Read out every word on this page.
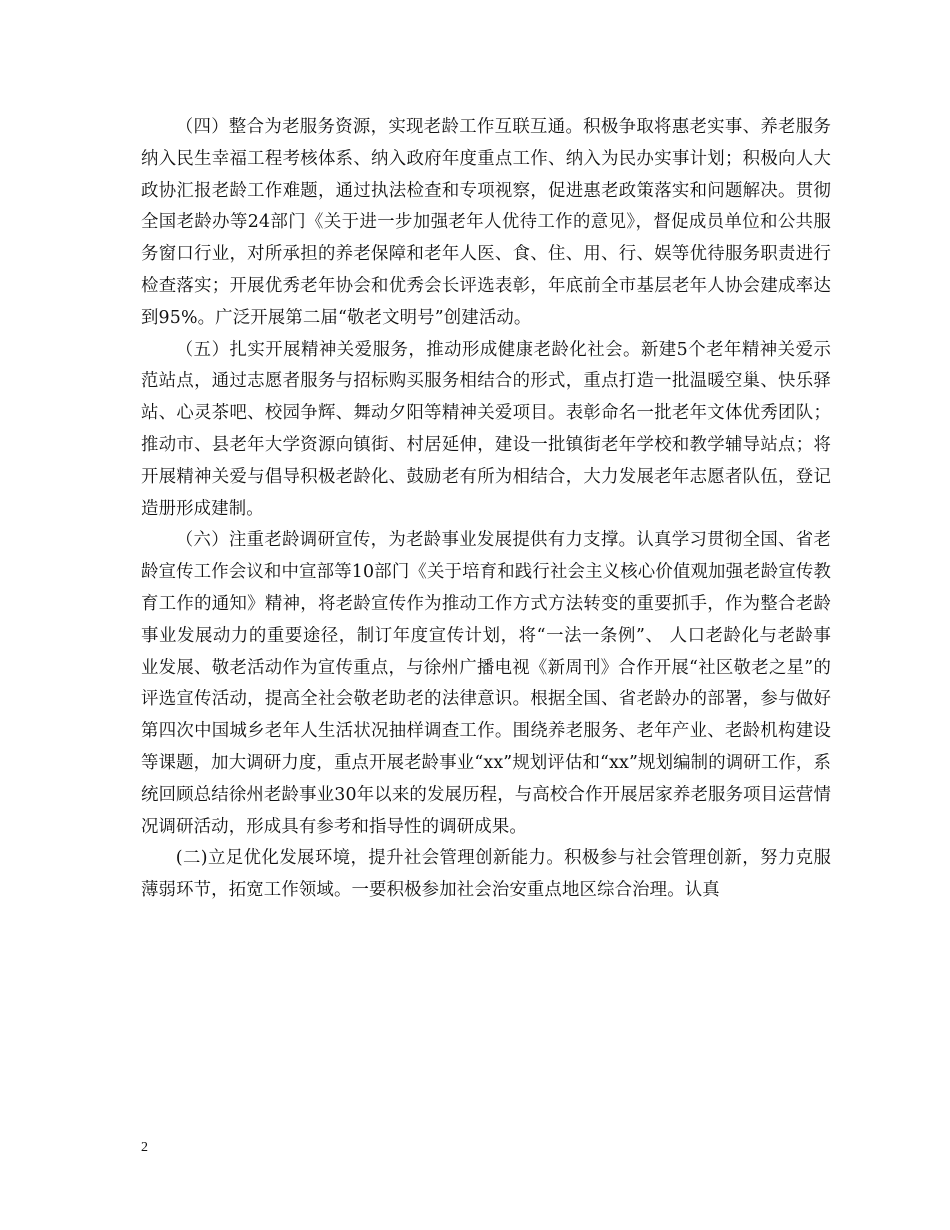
（四）整合为老服务资源，实现老龄工作互联互通。积极争取将惠老实事、养老服务纳入民生幸福工程考核体系、纳入政府年度重点工作、纳入为民办实事计划；积极向人大政协汇报老龄工作难题，通过执法检查和专项视察，促进惠老政策落实和问题解决。贯彻全国老龄办等24部门《关于进一步加强老年人优待工作的意见》，督促成员单位和公共服务窗口行业，对所承担的养老保障和老年人医、食、住、用、行、娱等优待服务职责进行检查落实；开展优秀老年协会和优秀会长评选表彰，年底前全市基层老年人协会建成率达到95%。广泛开展第二届“敬老文明号”创建活动。

（五）扎实开展精神关爱服务，推动形成健康老龄化社会。新建5个老年精神关爱示范站点，通过志愿者服务与招标购买服务相结合的形式，重点打造一批温暖空巢、快乐驿站、心灵茶吧、校园争辉、舞动夕阳等精神关爱项目。表彰命名一批老年文体优秀团队；推动市、县老年大学资源向镇街、村居延伸，建设一批镇街老年学校和教学辅导站点；将开展精神关爱与倡导积极老龄化、鼓励老有所为相结合，大力发展老年志愿者队伍，登记造册形成建制。

（六）注重老龄调研宣传，为老龄事业发展提供有力支撑。认真学习贯彻全国、省老龄宣传工作会议和中宣部等10部门《关于培育和践行社会主义核心价值观加强老龄宣传教育工作的通知》精神，将老龄宣传作为推动工作方式方法转变的重要抓手，作为整合老龄事业发展动力的重要途径，制订年度宣传计划，将“一法一条例”、 人口老龄化与老龄事业发展、敬老活动作为宣传重点，与徐州广播电视《新周刊》合作开展“社区敬老之星”的评选宣传活动，提高全社会敬老助老的法律意识。根据全国、省老龄办的部署，参与做好第四次中国城乡老年人生活状况抽样调查工作。围绕养老服务、老年产业、老龄机构建设等课题，加大调研力度，重点开展老龄事业“xx”规划评估和“xx”规划编制的调研工作，系统回顾总结徐州老龄事业30年以来的发展历程，与高校合作开展居家养老服务项目运营情况调研活动，形成具有参考和指导性的调研成果。

(二)立足优化发展环境，提升社会管理创新能力。积极参与社会管理创新，努力克服薄弱环节，拓宽工作领域。一要积极参加社会治安重点地区综合治理。认真

2
